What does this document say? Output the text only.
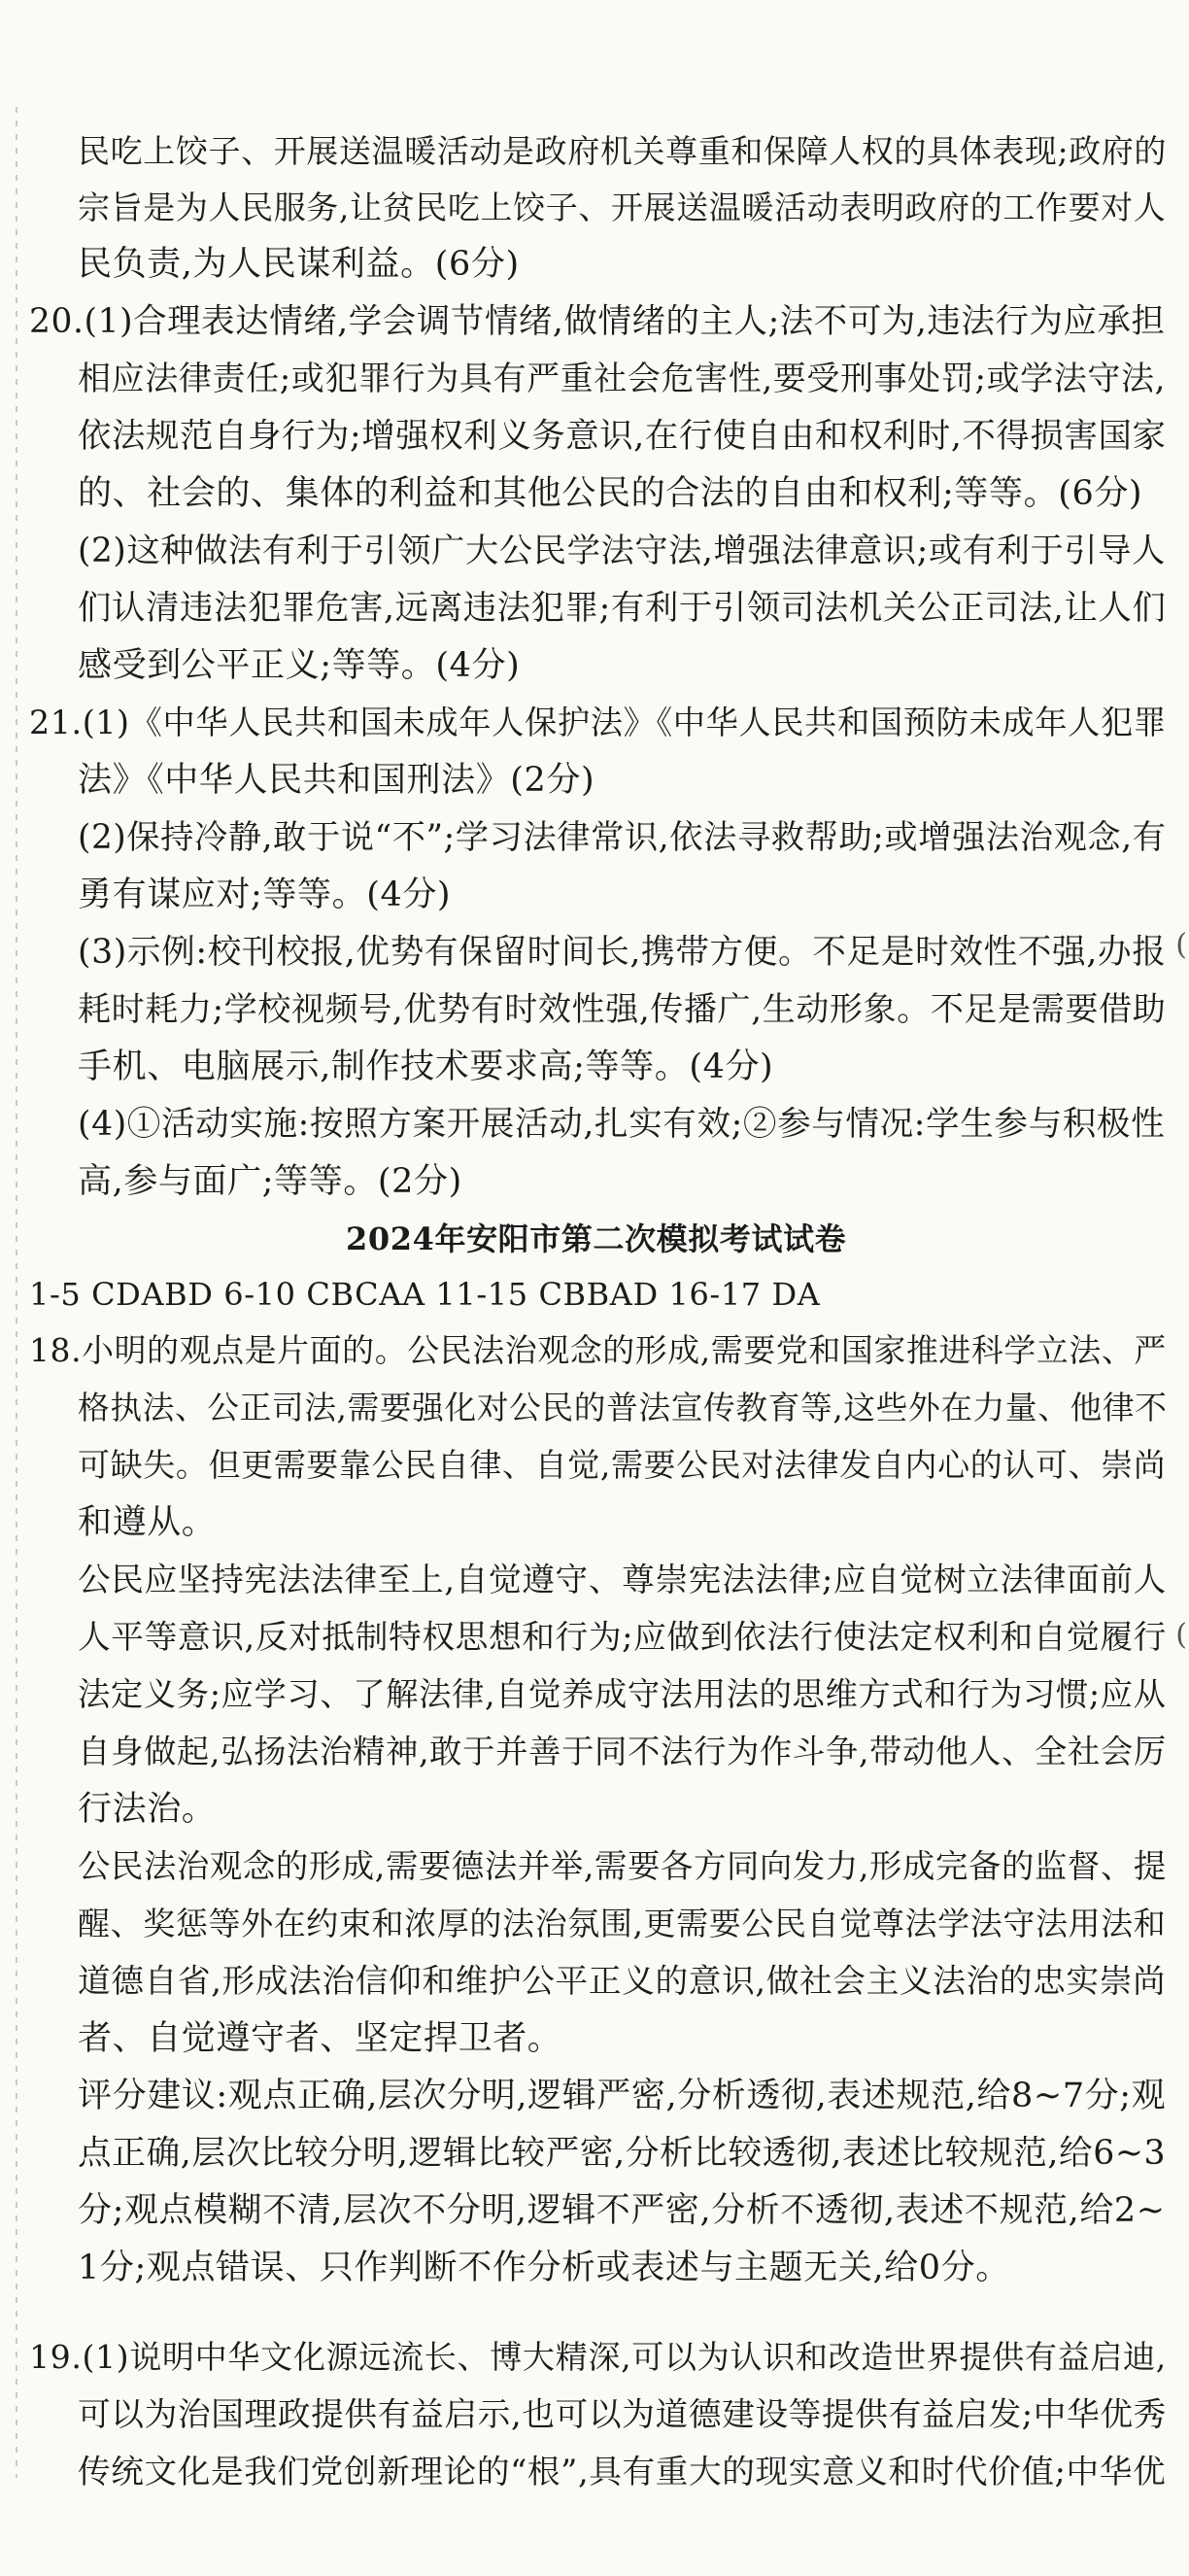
民吃上饺子、开展送温暖活动是政府机关尊重和保障人权的具体表现;政府的
宗旨是为人民服务,让贫民吃上饺子、开展送温暖活动表明政府的工作要对人
民负责,为人民谋利益。(6分)
20.(1)合理表达情绪,学会调节情绪,做情绪的主人;法不可为,违法行为应承担
相应法律责任;或犯罪行为具有严重社会危害性,要受刑事处罚;或学法守法,
依法规范自身行为;增强权利义务意识,在行使自由和权利时,不得损害国家
的、社会的、集体的利益和其他公民的合法的自由和权利;等等。(6分)
(2)这种做法有利于引领广大公民学法守法,增强法律意识;或有利于引导人
们认清违法犯罪危害,远离违法犯罪;有利于引领司法机关公正司法,让人们
感受到公平正义;等等。(4分)
21.(1)《中华人民共和国未成年人保护法》《中华人民共和国预防未成年人犯罪
法》《中华人民共和国刑法》(2分)
(2)保持冷静,敢于说“不”;学习法律常识,依法寻救帮助;或增强法治观念,有
勇有谋应对;等等。(4分)
(3)示例:校刊校报,优势有保留时间长,携带方便。不足是时效性不强,办报
耗时耗力;学校视频号,优势有时效性强,传播广,生动形象。不足是需要借助
手机、电脑展示,制作技术要求高;等等。(4分)
(4)①活动实施:按照方案开展活动,扎实有效;②参与情况:学生参与积极性
高,参与面广;等等。(2分)
2024年安阳市第二次模拟考试试卷
1-5 CDABD 6-10 CBCAA 11-15 CBBAD 16-17 DA
18.小明的观点是片面的。公民法治观念的形成,需要党和国家推进科学立法、严
格执法、公正司法,需要强化对公民的普法宣传教育等,这些外在力量、他律不
可缺失。但更需要靠公民自律、自觉,需要公民对法律发自内心的认可、崇尚
和遵从。
公民应坚持宪法法律至上,自觉遵守、尊崇宪法法律;应自觉树立法律面前人
人平等意识,反对抵制特权思想和行为;应做到依法行使法定权利和自觉履行
法定义务;应学习、了解法律,自觉养成守法用法的思维方式和行为习惯;应从
自身做起,弘扬法治精神,敢于并善于同不法行为作斗争,带动他人、全社会厉
行法治。
公民法治观念的形成,需要德法并举,需要各方同向发力,形成完备的监督、提
醒、奖惩等外在约束和浓厚的法治氛围,更需要公民自觉尊法学法守法用法和
道德自省,形成法治信仰和维护公平正义的意识,做社会主义法治的忠实崇尚
者、自觉遵守者、坚定捍卫者。
评分建议:观点正确,层次分明,逻辑严密,分析透彻,表述规范,给8~7分;观
点正确,层次比较分明,逻辑比较严密,分析比较透彻,表述比较规范,给6~3
分;观点模糊不清,层次不分明,逻辑不严密,分析不透彻,表述不规范,给2~
1分;观点错误、只作判断不作分析或表述与主题无关,给0分。
19.(1)说明中华文化源远流长、博大精深,可以为认识和改造世界提供有益启迪,
可以为治国理政提供有益启示,也可以为道德建设等提供有益启发;中华优秀
传统文化是我们党创新理论的“根”,具有重大的现实意义和时代价值;中华优
(
(
